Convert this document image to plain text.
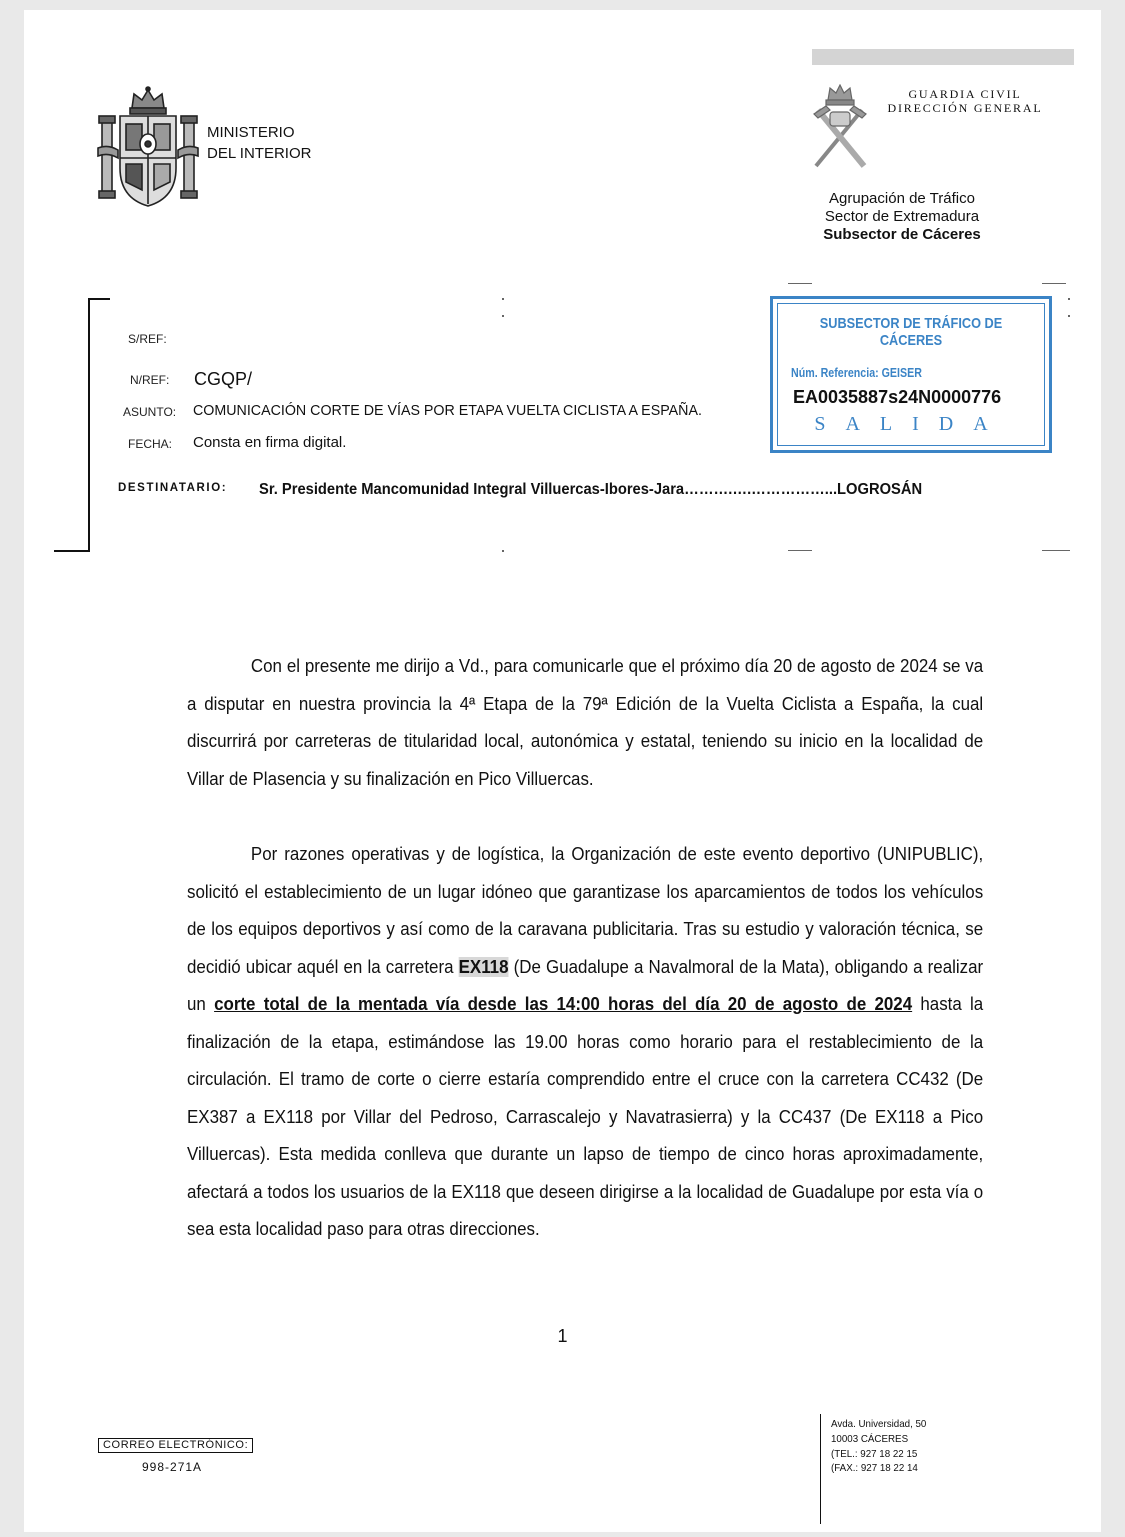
MINISTERIO
DEL INTERIOR
GUARDIA CIVIL
DIRECCIÓN GENERAL
Agrupación de Tráfico
Sector de Extremadura
Subsector de Cáceres
S/REF:
N/REF: CGQP/
ASUNTO: COMUNICACIÓN CORTE DE VÍAS POR ETAPA VUELTA CICLISTA A ESPAÑA.
FECHA: Consta en firma digital.
SUBSECTOR DE TRÁFICO DE CÁCERES
Núm. Referencia: GEISER
EA0035887s24N0000776
SALIDA
DESTINATARIO: Sr. Presidente Mancomunidad Integral Villuercas-Ibores-Jara……….….……………...LOGROSÁN

Con el presente me dirijo a Vd., para comunicarle que el próximo día 20 de agosto de 2024 se va a disputar en nuestra provincia la 4ª Etapa de la 79ª Edición de la Vuelta Ciclista a España, la cual discurrirá por carreteras de titularidad local, autonómica y estatal, teniendo su inicio en la localidad de Villar de Plasencia y su finalización en Pico Villuercas.

Por razones operativas y de logística, la Organización de este evento deportivo (UNIPUBLIC), solicitó el establecimiento de un lugar idóneo que garantizase los aparcamientos de todos los vehículos de los equipos deportivos y así como de la caravana publicitaria. Tras su estudio y valoración técnica, se decidió ubicar aquél en la carretera EX118 (De Guadalupe a Navalmoral de la Mata), obligando a realizar un corte total de la mentada vía desde las 14:00 horas del día 20 de agosto de 2024 hasta la finalización de la etapa, estimándose las 19.00 horas como horario para el restablecimiento de la circulación. El tramo de corte o cierre estaría comprendido entre el cruce con la carretera CC432 (De EX387 a EX118 por Villar del Pedroso, Carrascalejo y Navatrasierra) y la CC437 (De EX118 a Pico Villuercas). Esta medida conlleva que durante un lapso de tiempo de cinco horas aproximadamente, afectará a todos los usuarios de la EX118 que deseen dirigirse a la localidad de Guadalupe por esta vía o sea esta localidad paso para otras direcciones.

1
CORREO ELECTRÓNICO:
998-271A
Avda. Universidad, 50
10003 CÁCERES
(TEL.: 927 18 22 15
(FAX.: 927 18 22 14
